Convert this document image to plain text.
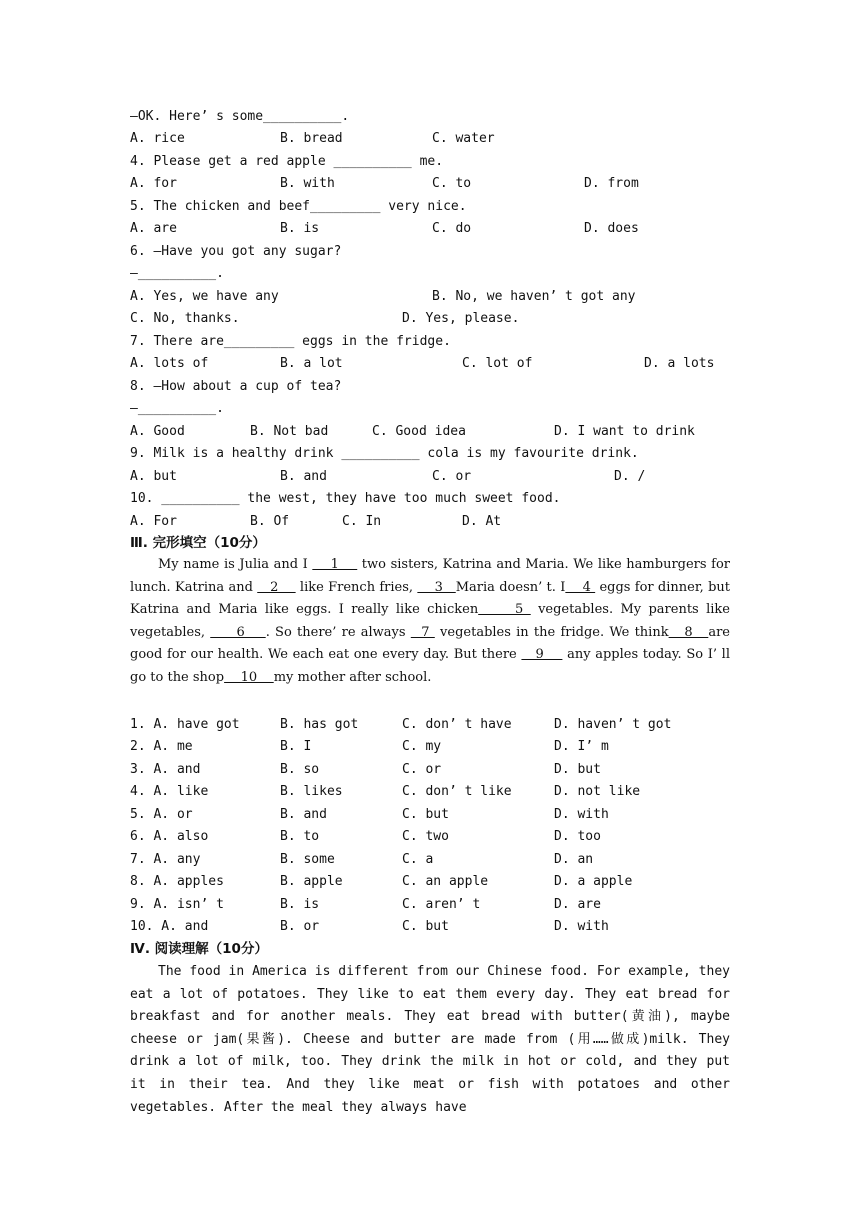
—OK. Here’ s some__________.
A. rice	B. bread	C. water
4. Please get a red apple __________ me.
A. for	B. with	C. to	D. from
5. The chicken and beef_________ very nice.
A. are	B. is	C. do	D. does
6. —Have you got any sugar?
—__________.
A. Yes, we have any	B. No, we haven’ t got any
C. No, thanks.	D. Yes, please.
7. There are_________ eggs in the fridge.
A. lots of	B. a lot	C. lot of	D. a lots
8. —How about a cup of tea?
—__________.
A. Good	B. Not bad	C. Good idea	D. I want to drink
9. Milk is a healthy drink __________ cola is my favourite drink.
A. but	B. and	C. or	D. /
10. __________ the west, they have too much sweet food.
A. For	B. Of	C. In	D. At
Ⅲ. 完形填空（10分）
My name is Julia and I     1     two sisters, Katrina and Maria. We like hamburgers for lunch. Katrina and    2     like French fries,     3   Maria doesn’ t. I    4  eggs for dinner, but Katrina and Maria like eggs. I really like chicken     5  vegetables. My parents like vegetables,      6    . So there’ re always   7  vegetables in the fridge. We think   8   are good for our health. We each eat one every day. But there    9     any apples today. So I’ ll go to the shop    10    my mother after school.
1. A. have got	B. has got	C. don’ t have	D. haven’ t got
2. A. me	B. I	C. my	D. I’ m
3. A. and	B. so	C. or	D. but
4. A. like	B. likes	C. don’ t like	D. not like
5. A. or	B. and	C. but	D. with
6. A. also	B. to	C. two	D. too
7. A. any	B. some	C. a	D. an
8. A. apples	B. apple	C. an apple	D. a apple
9. A. isn’ t	B. is	C. aren’ t	D. are
10. A. and	B. or	C. but	D. with
Ⅳ. 阅读理解（10分）
The food in America is different from our Chinese food. For example, they eat a lot of potatoes. They like to eat them every day. They eat bread for breakfast and for another meals. They eat bread with butter(黄油), maybe cheese or jam(果酱). Cheese and butter are made from (用……做成)milk. They drink a lot of milk, too. They drink the milk in hot or cold, and they put it in their tea. And they like meat or fish with potatoes and other vegetables. After the meal they always have
